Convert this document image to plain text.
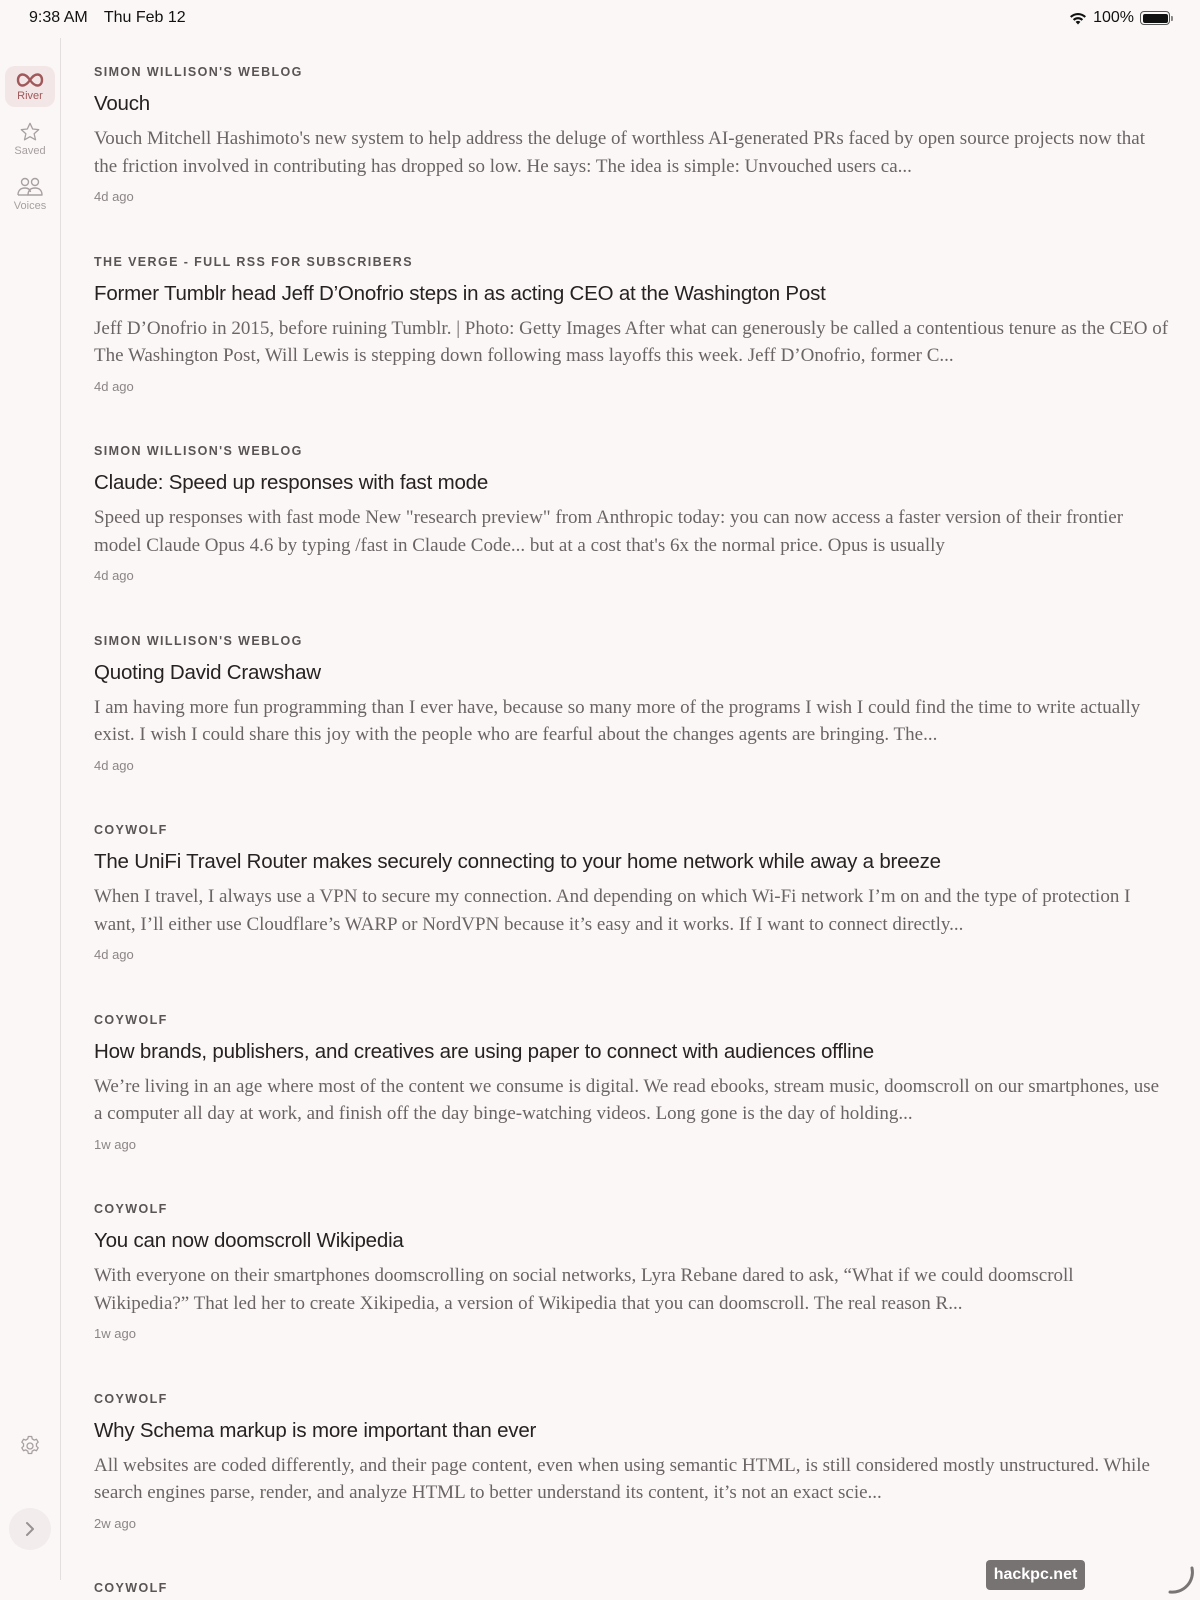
9:38 AM Thu Feb 12	100%
River
Saved
Voices
SIMON WILLISON'S WEBLOG
Vouch
Vouch Mitchell Hashimoto's new system to help address the deluge of worthless AI-generated PRs faced by open source projects now that the friction involved in contributing has dropped so low. He says: The idea is simple: Unvouched users ca...
4d ago
THE VERGE - FULL RSS FOR SUBSCRIBERS
Former Tumblr head Jeff D’Onofrio steps in as acting CEO at the Washington Post
Jeff D’Onofrio in 2015, before ruining Tumblr. | Photo: Getty Images After what can generously be called a contentious tenure as the CEO of The Washington Post, Will Lewis is stepping down following mass layoffs this week. Jeff D’Onofrio, former C...
4d ago
SIMON WILLISON'S WEBLOG
Claude: Speed up responses with fast mode
Speed up responses with fast mode New "research preview" from Anthropic today: you can now access a faster version of their frontier model Claude Opus 4.6 by typing /fast in Claude Code... but at a cost that's 6x the normal price. Opus is usually
4d ago
SIMON WILLISON'S WEBLOG
Quoting David Crawshaw
I am having more fun programming than I ever have, because so many more of the programs I wish I could find the time to write actually exist. I wish I could share this joy with the people who are fearful about the changes agents are bringing. The...
4d ago
COYWOLF
The UniFi Travel Router makes securely connecting to your home network while away a breeze
When I travel, I always use a VPN to secure my connection. And depending on which Wi-Fi network I’m on and the type of protection I want, I’ll either use Cloudflare’s WARP or NordVPN because it’s easy and it works. If I want to connect directly...
4d ago
COYWOLF
How brands, publishers, and creatives are using paper to connect with audiences offline
We’re living in an age where most of the content we consume is digital. We read ebooks, stream music, doomscroll on our smartphones, use a computer all day at work, and finish off the day binge-watching videos. Long gone is the day of holding...
1w ago
COYWOLF
You can now doomscroll Wikipedia
With everyone on their smartphones doomscrolling on social networks, Lyra Rebane dared to ask, “What if we could doomscroll Wikipedia?” That led her to create Xikipedia, a version of Wikipedia that you can doomscroll. The real reason R...
1w ago
COYWOLF
Why Schema markup is more important than ever
All websites are coded differently, and their page content, even when using semantic HTML, is still considered mostly unstructured. While search engines parse, render, and analyze HTML to better understand its content, it’s not an exact scie...
2w ago
COYWOLF
hackpc.net
